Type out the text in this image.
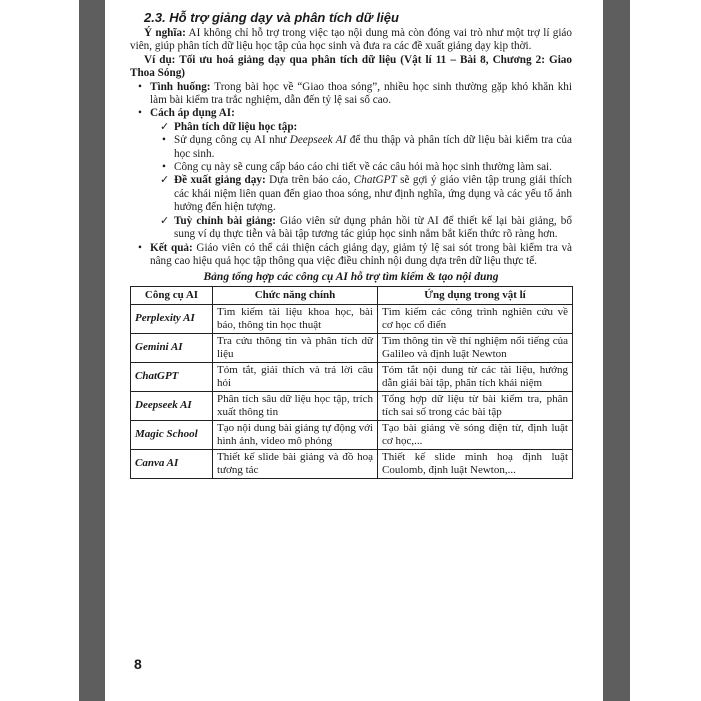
2.3. Hỗ trợ giảng dạy và phân tích dữ liệu

Ý nghĩa: AI không chỉ hỗ trợ trong việc tạo nội dung mà còn đóng vai trò như một trợ lí giáo viên, giúp phân tích dữ liệu học tập của học sinh và đưa ra các đề xuất giảng dạy kịp thời.

Ví dụ: Tối ưu hoá giảng dạy qua phân tích dữ liệu (Vật lí 11 – Bài 8, Chương 2: Giao Thoa Sóng)

• Tình huống: Trong bài học về “Giao thoa sóng”, nhiều học sinh thường gặp khó khăn khi làm bài kiểm tra trắc nghiệm, dẫn đến tỷ lệ sai số cao.
• Cách áp dụng AI:
✓ Phân tích dữ liệu học tập:
• Sử dụng công cụ AI như Deepseek AI để thu thập và phân tích dữ liệu bài kiểm tra của học sinh.
• Công cụ này sẽ cung cấp báo cáo chi tiết về các câu hỏi mà học sinh thường làm sai.
✓ Đề xuất giảng dạy: Dựa trên báo cáo, ChatGPT sẽ gợi ý giáo viên tập trung giải thích các khái niệm liên quan đến giao thoa sóng, như định nghĩa, ứng dụng và các yếu tố ảnh hưởng đến hiện tượng.
✓ Tuỳ chỉnh bài giảng: Giáo viên sử dụng phản hồi từ AI để thiết kế lại bài giảng, bổ sung ví dụ thực tiễn và bài tập tương tác giúp học sinh nắm bắt kiến thức rõ ràng hơn.
• Kết quả: Giáo viên có thể cải thiện cách giảng dạy, giảm tỷ lệ sai sót trong bài kiểm tra và nâng cao hiệu quả học tập thông qua việc điều chỉnh nội dung dựa trên dữ liệu thực tế.
Bảng tổng hợp các công cụ AI hỗ trợ tìm kiếm & tạo nội dung
Công cụ AI	Chức năng chính	Ứng dụng trong vật lí
Perplexity AI	Tìm kiếm tài liệu khoa học, bài báo, thông tin học thuật	Tìm kiếm các công trình nghiên cứu về cơ học cổ điển
Gemini AI	Tra cứu thông tin và phân tích dữ liệu	Tìm thông tin về thí nghiệm nổi tiếng của Galileo và định luật Newton
ChatGPT	Tóm tắt, giải thích và trả lời câu hỏi	Tóm tắt nội dung từ các tài liệu, hướng dẫn giải bài tập, phân tích khái niệm
Deepseek AI	Phân tích sâu dữ liệu học tập, trích xuất thông tin	Tổng hợp dữ liệu từ bài kiểm tra, phân tích sai số trong các bài tập
Magic School	Tạo nội dung bài giảng tự động với hình ảnh, video mô phỏng	Tạo bài giảng về sóng điện từ, định luật cơ học,...
Canva AI	Thiết kế slide bài giảng và đồ hoạ tương tác	Thiết kế slide minh hoạ định luật Coulomb, định luật Newton,...
8
